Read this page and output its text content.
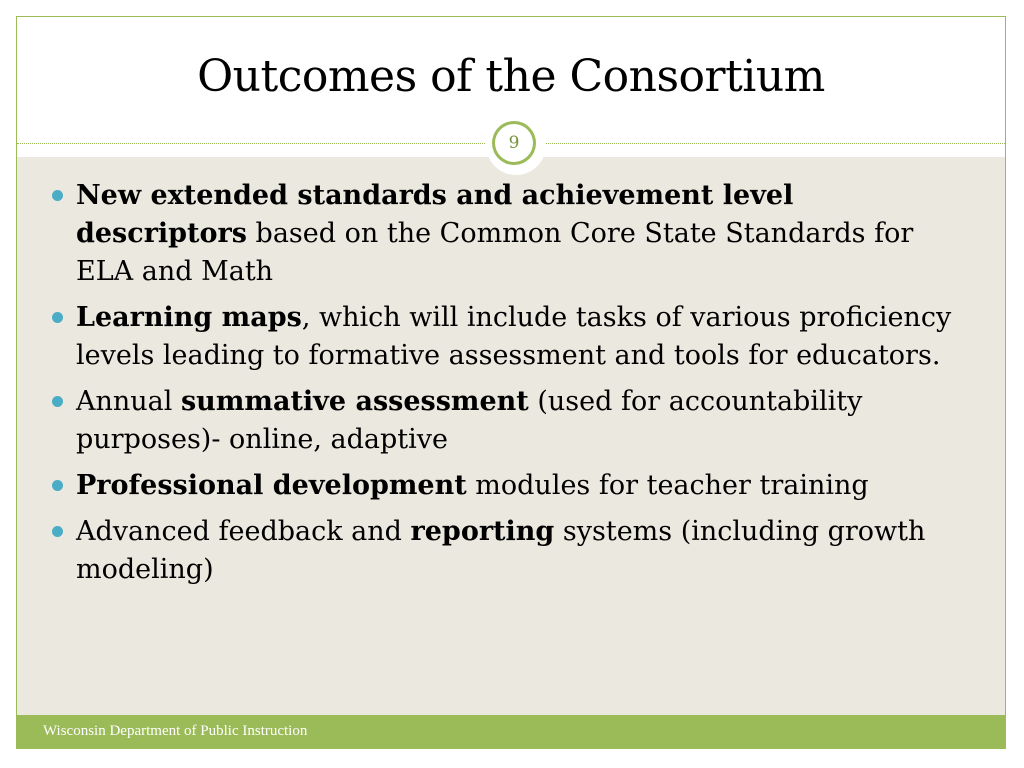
Outcomes of the Consortium
9
New extended standards and achievement level descriptors based on the Common Core State Standards for ELA and Math
Learning maps, which will include tasks of various proficiency levels leading to formative assessment and tools for educators.
Annual summative assessment (used for accountability purposes)- online, adaptive
Professional development modules for teacher training
Advanced feedback and reporting systems (including growth modeling)
Wisconsin Department of Public Instruction
